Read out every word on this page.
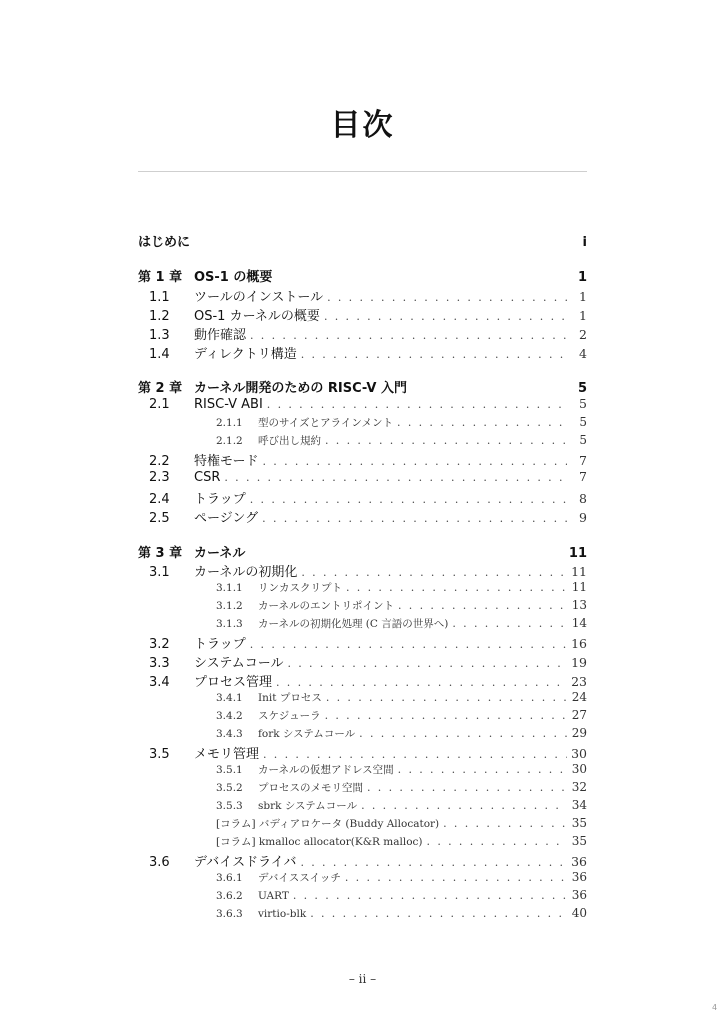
目次
はじめに	i
第 1 章 OS-1 の概要	1
1.1	ツールのインストール . . .	1
1.2	OS-1 カーネルの概要 . . .	1
1.3	動作確認 . . .	2
1.4	ディレクトリ構造 . . .	4
第 2 章 カーネル開発のための RISC-V 入門	5
2.1	RISC-V ABI . . .	5
2.1.1	型のサイズとアラインメント . . .	5
2.1.2	呼び出し規約 . . .	5
2.2	特権モード . . .	7
2.3	CSR . . .	7
2.4	トラップ . . .	8
2.5	ページング . . .	9
第 3 章 カーネル	11
3.1	カーネルの初期化 . . .	11
3.1.1	リンカスクリプト . . .	11
3.1.2	カーネルのエントリポイント . . .	13
3.1.3	カーネルの初期化処理 (C 言語の世界へ) . . .	14
3.2	トラップ . . .	16
3.3	システムコール . . .	19
3.4	プロセス管理 . . .	23
3.4.1	Init プロセス . . .	24
3.4.2	スケジューラ . . .	27
3.4.3	fork システムコール . . .	29
3.5	メモリ管理 . . .	30
3.5.1	カーネルの仮想アドレス空間 . . .	30
3.5.2	プロセスのメモリ空間 . . .	32
3.5.3	sbrk システムコール . . .	34
[コラム] バディアロケータ (Buddy Allocator) . . .	35
[コラム] kmalloc allocator(K&R malloc) . . .	35
3.6	デバイスドライバ . . .	36
3.6.1	デバイススイッチ . . .	36
3.6.2	UART . . .	36
3.6.3	virtio-blk . . .	40
– ii –
4
